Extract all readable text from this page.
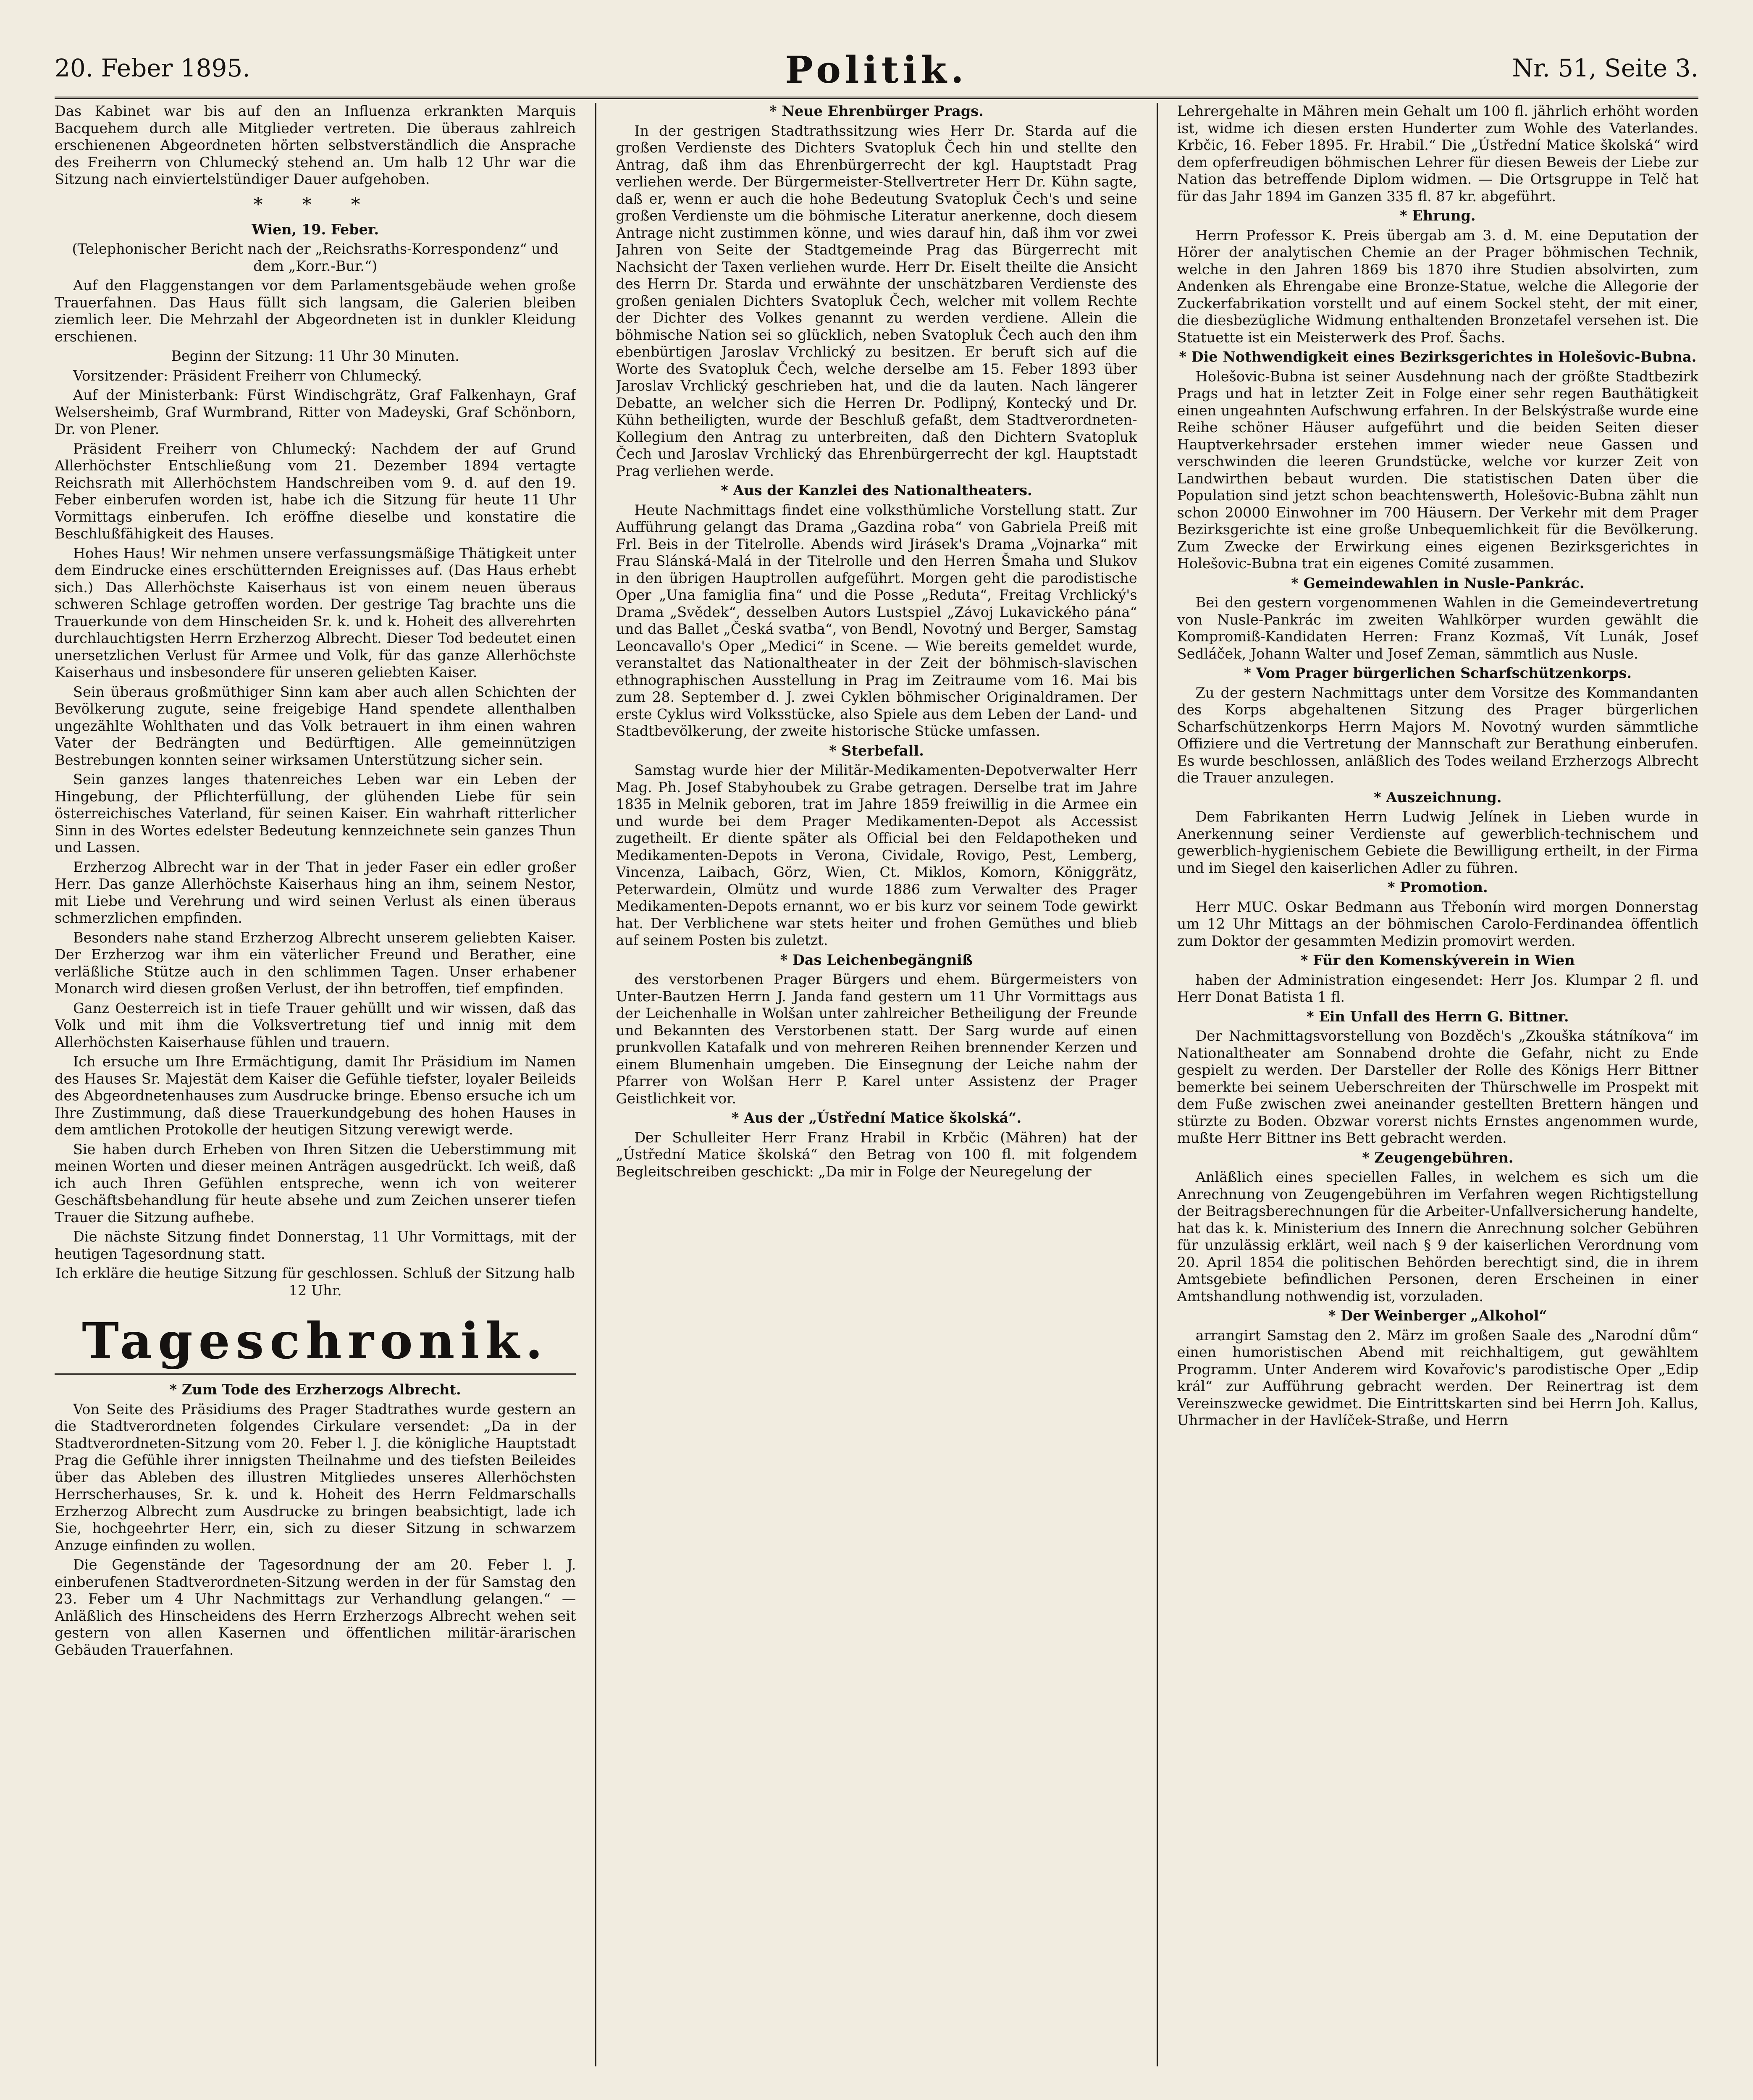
20. Feber 1895.	Politik.	Nr. 51, Seite 3.

Das Kabinet war bis auf den an Influenza erkrankten Marquis Bacquehem durch alle Mitglieder vertreten. Die überaus zahlreich erschienenen Abgeordneten hörten selbstverständlich die Ansprache des Freiherrn von Chlumecký stehend an. Um halb 12 Uhr war die Sitzung nach einviertelstündiger Dauer aufgehoben.

* * *

Wien, 19. Feber.

(Telephonischer Bericht nach der „Reichsraths-Korrespondenz“ und dem „Korr.-Bur.“)

Auf den Flaggenstangen vor dem Parlamentsgebäude wehen große Trauerfahnen. Das Haus füllt sich langsam, die Galerien bleiben ziemlich leer. Die Mehrzahl der Abgeordneten ist in dunkler Kleidung erschienen.

Beginn der Sitzung: 11 Uhr 30 Minuten.

Vorsitzender: Präsident Freiherr von Chlumecký.

Auf der Ministerbank: Fürst Windischgrätz, Graf Falkenhayn, Graf Welsersheimb, Graf Wurmbrand, Ritter von Madeyski, Graf Schönborn, Dr. von Plener.

Präsident Freiherr von Chlumecký: Nachdem der auf Grund Allerhöchster Entschließung vom 21. Dezember 1894 vertagte Reichsrath mit Allerhöchstem Handschreiben vom 9. d. auf den 19. Feber einberufen worden ist, habe ich die Sitzung für heute 11 Uhr Vormittags einberufen. Ich eröffne dieselbe und konstatire die Beschlußfähigkeit des Hauses.

Hohes Haus! Wir nehmen unsere verfassungsmäßige Thätigkeit unter dem Eindrucke eines erschütternden Ereignisses auf. (Das Haus erhebt sich.) Das Allerhöchste Kaiserhaus ist von einem neuen überaus schweren Schlage getroffen worden. Der gestrige Tag brachte uns die Trauerkunde von dem Hinscheiden Sr. k. und k. Hoheit des allverehrten durchlauchtigsten Herrn Erzherzog Albrecht. Dieser Tod bedeutet einen unersetzlichen Verlust für Armee und Volk, für das ganze Allerhöchste Kaiserhaus und insbesondere für unseren geliebten Kaiser.

Sein überaus großmüthiger Sinn kam aber auch allen Schichten der Bevölkerung zugute, seine freigebige Hand spendete allenthalben ungezählte Wohlthaten und das Volk betrauert in ihm einen wahren Vater der Bedrängten und Bedürftigen. Alle gemeinnützigen Bestrebungen konnten seiner wirksamen Unterstützung sicher sein.

Sein ganzes langes thatenreiches Leben war ein Leben der Hingebung, der Pflichterfüllung, der glühenden Liebe für sein österreichisches Vaterland, für seinen Kaiser. Ein wahrhaft ritterlicher Sinn in des Wortes edelster Bedeutung kennzeichnete sein ganzes Thun und Lassen.

Erzherzog Albrecht war in der That in jeder Faser ein edler großer Herr. Das ganze Allerhöchste Kaiserhaus hing an ihm, seinem Nestor, mit Liebe und Verehrung und wird seinen Verlust als einen überaus schmerzlichen empfinden.

Besonders nahe stand Erzherzog Albrecht unserem geliebten Kaiser. Der Erzherzog war ihm ein väterlicher Freund und Berather, eine verläßliche Stütze auch in den schlimmen Tagen. Unser erhabener Monarch wird diesen großen Verlust, der ihn betroffen, tief empfinden.

Ganz Oesterreich ist in tiefe Trauer gehüllt und wir wissen, daß das Volk und mit ihm die Volksvertretung tief und innig mit dem Allerhöchsten Kaiserhause fühlen und trauern.

Ich ersuche um Ihre Ermächtigung, damit Ihr Präsidium im Namen des Hauses Sr. Majestät dem Kaiser die Gefühle tiefster, loyaler Beileids des Abgeordnetenhauses zum Ausdrucke bringe. Ebenso ersuche ich um Ihre Zustimmung, daß diese Trauerkundgebung des hohen Hauses in dem amtlichen Protokolle der heutigen Sitzung verewigt werde.

Sie haben durch Erheben von Ihren Sitzen die Ueberstimmung mit meinen Worten und dieser meinen Anträgen ausgedrückt. Ich weiß, daß ich auch Ihren Gefühlen entspreche, wenn ich von weiterer Geschäftsbehandlung für heute absehe und zum Zeichen unserer tiefen Trauer die Sitzung aufhebe.

Die nächste Sitzung findet Donnerstag, 11 Uhr Vormittags, mit der heutigen Tagesordnung statt.

Ich erkläre die heutige Sitzung für geschlossen. Schluß der Sitzung halb 12 Uhr.

Tageschronik.

* Zum Tode des Erzherzogs Albrecht.

Von Seite des Präsidiums des Prager Stadtrathes wurde gestern an die Stadtverordneten folgendes Cirkulare versendet: „Da in der Stadtverordneten-Sitzung vom 20. Feber l. J. die königliche Hauptstadt Prag die Gefühle ihrer innigsten Theilnahme und des tiefsten Beileides über das Ableben des illustren Mitgliedes unseres Allerhöchsten Herrscherhauses, Sr. k. und k. Hoheit des Herrn Feldmarschalls Erzherzog Albrecht zum Ausdrucke zu bringen beabsichtigt, lade ich Sie, hochgeehrter Herr, ein, sich zu dieser Sitzung in schwarzem Anzuge einfinden zu wollen.

Die Gegenstände der Tagesordnung der am 20. Feber l. J. einberufenen Stadtverordneten-Sitzung werden in der für Samstag den 23. Feber um 4 Uhr Nachmittags zur Verhandlung gelangen.“ — Anläßlich des Hinscheidens des Herrn Erzherzogs Albrecht wehen seit gestern von allen Kasernen und öffentlichen militär-ärarischen Gebäuden Trauerfahnen.

* Neue Ehrenbürger Prags.

In der gestrigen Stadtrathssitzung wies Herr Dr. Starda auf die großen Verdienste des Dichters Svatopluk Čech hin und stellte den Antrag, daß ihm das Ehrenbürgerrecht der kgl. Hauptstadt Prag verliehen werde. Der Bürgermeister-Stellvertreter Herr Dr. Kühn sagte, daß er, wenn er auch die hohe Bedeutung Svatopluk Čech's und seine großen Verdienste um die böhmische Literatur anerkenne, doch diesem Antrage nicht zustimmen könne, und wies darauf hin, daß ihm vor zwei Jahren von Seite der Stadtgemeinde Prag das Bürgerrecht mit Nachsicht der Taxen verliehen wurde. Herr Dr. Eiselt theilte die Ansicht des Herrn Dr. Starda und erwähnte der unschätzbaren Verdienste des großen genialen Dichters Svatopluk Čech, welcher mit vollem Rechte der Dichter des Volkes genannt zu werden verdiene. Allein die böhmische Nation sei so glücklich, neben Svatopluk Čech auch den ihm ebenbürtigen Jaroslav Vrchlický zu besitzen. Er beruft sich auf die Worte des Svatopluk Čech, welche derselbe am 15. Feber 1893 über Jaroslav Vrchlický geschrieben hat, und die da lauten. Nach längerer Debatte, an welcher sich die Herren Dr. Podlipný, Kontecký und Dr. Kühn betheiligten, wurde der Beschluß gefaßt, dem Stadtverordneten-Kollegium den Antrag zu unterbreiten, daß den Dichtern Svatopluk Čech und Jaroslav Vrchlický das Ehrenbürgerrecht der kgl. Hauptstadt Prag verliehen werde.

* Aus der Kanzlei des Nationaltheaters.

Heute Nachmittags findet eine volksthümliche Vorstellung statt. Zur Aufführung gelangt das Drama „Gazdina roba“ von Gabriela Preiß mit Frl. Beis in der Titelrolle. Abends wird Jirásek's Drama „Vojnarka“ mit Frau Slánská-Malá in der Titelrolle und den Herren Šmaha und Slukov in den übrigen Hauptrollen aufgeführt. Morgen geht die parodistische Oper „Una famiglia fina“ und die Posse „Reduta“, Freitag Vrchlický's Drama „Svědek“, desselben Autors Lustspiel „Závoj Lukavického pána“ und das Ballet „Česká svatba“, von Bendl, Novotný und Berger, Samstag Leoncavallo's Oper „Medici“ in Scene. — Wie bereits gemeldet wurde, veranstaltet das Nationaltheater in der Zeit der böhmisch-slavischen ethnographischen Ausstellung in Prag im Zeitraume vom 16. Mai bis zum 28. September d. J. zwei Cyklen böhmischer Originaldramen. Der erste Cyklus wird Volksstücke, also Spiele aus dem Leben der Land- und Stadtbevölkerung, der zweite historische Stücke umfassen.

* Sterbefall.

Samstag wurde hier der Militär-Medikamenten-Depotverwalter Herr Mag. Ph. Josef Stabyhoubek zu Grabe getragen. Derselbe trat im Jahre 1835 in Melnik geboren, trat im Jahre 1859 freiwillig in die Armee ein und wurde bei dem Prager Medikamenten-Depot als Accessist zugetheilt. Er diente später als Official bei den Feldapotheken und Medikamenten-Depots in Verona, Cividale, Rovigo, Pest, Lemberg, Vincenza, Laibach, Görz, Wien, Ct. Miklos, Komorn, Königgrätz, Peterwardein, Olmütz und wurde 1886 zum Verwalter des Prager Medikamenten-Depots ernannt, wo er bis kurz vor seinem Tode gewirkt hat. Der Verblichene war stets heiter und frohen Gemüthes und blieb auf seinem Posten bis zuletzt.

* Das Leichenbegängniß

des verstorbenen Prager Bürgers und ehem. Bürgermeisters von Unter-Bautzen Herrn J. Janda fand gestern um 11 Uhr Vormittags aus der Leichenhalle in Wolšan unter zahlreicher Betheiligung der Freunde und Bekannten des Verstorbenen statt. Der Sarg wurde auf einen prunkvollen Katafalk und von mehreren Reihen brennender Kerzen und einem Blumenhain umgeben. Die Einsegnung der Leiche nahm der Pfarrer von Wolšan Herr P. Karel unter Assistenz der Prager Geistlichkeit vor.

* Aus der „Ústřední Matice školská“.

Der Schulleiter Herr Franz Hrabil in Krbčic (Mähren) hat der „Ústřední Matice školská“ den Betrag von 100 fl. mit folgendem Begleitschreiben geschickt: „Da mir in Folge der Neuregelung der

Lehrergehalte in Mähren mein Gehalt um 100 fl. jährlich erhöht worden ist, widme ich diesen ersten Hunderter zum Wohle des Vaterlandes. Krbčic, 16. Feber 1895. Fr. Hrabil.“ Die „Ústřední Matice školská“ wird dem opferfreudigen böhmischen Lehrer für diesen Beweis der Liebe zur Nation das betreffende Diplom widmen. — Die Ortsgruppe in Telč hat für das Jahr 1894 im Ganzen 335 fl. 87 kr. abgeführt.

* Ehrung.

Herrn Professor K. Preis übergab am 3. d. M. eine Deputation der Hörer der analytischen Chemie an der Prager böhmischen Technik, welche in den Jahren 1869 bis 1870 ihre Studien absolvirten, zum Andenken als Ehrengabe eine Bronze-Statue, welche die Allegorie der Zuckerfabrikation vorstellt und auf einem Sockel steht, der mit einer, die diesbezügliche Widmung enthaltenden Bronzetafel versehen ist. Die Statuette ist ein Meisterwerk des Prof. Šachs.

* Die Nothwendigkeit eines Bezirksgerichtes in Holešovic-Bubna.

Holešovic-Bubna ist seiner Ausdehnung nach der größte Stadtbezirk Prags und hat in letzter Zeit in Folge einer sehr regen Bauthätigkeit einen ungeahnten Aufschwung erfahren. In der Belskýstraße wurde eine Reihe schöner Häuser aufgeführt und die beiden Seiten dieser Hauptverkehrsader erstehen immer wieder neue Gassen und verschwinden die leeren Grundstücke, welche vor kurzer Zeit von Landwirthen bebaut wurden. Die statistischen Daten über die Population sind jetzt schon beachtenswerth, Holešovic-Bubna zählt nun schon 20000 Einwohner im 700 Häusern. Der Verkehr mit dem Prager Bezirksgerichte ist eine große Unbequemlichkeit für die Bevölkerung. Zum Zwecke der Erwirkung eines eigenen Bezirksgerichtes in Holešovic-Bubna trat ein eigenes Comité zusammen.

* Gemeindewahlen in Nusle-Pankrác.

Bei den gestern vorgenommenen Wahlen in die Gemeindevertretung von Nusle-Pankrác im zweiten Wahlkörper wurden gewählt die Kompromiß-Kandidaten Herren: Franz Kozmaš, Vít Lunák, Josef Sedláček, Johann Walter und Josef Zeman, sämmtlich aus Nusle.

* Vom Prager bürgerlichen Scharfschützenkorps.

Zu der gestern Nachmittags unter dem Vorsitze des Kommandanten des Korps abgehaltenen Sitzung des Prager bürgerlichen Scharfschützenkorps Herrn Majors M. Novotný wurden sämmtliche Offiziere und die Vertretung der Mannschaft zur Berathung einberufen. Es wurde beschlossen, anläßlich des Todes weiland Erzherzogs Albrecht die Trauer anzulegen.

* Auszeichnung.

Dem Fabrikanten Herrn Ludwig Jelínek in Lieben wurde in Anerkennung seiner Verdienste auf gewerblich-technischem und gewerblich-hygienischem Gebiete die Bewilligung ertheilt, in der Firma und im Siegel den kaiserlichen Adler zu führen.

* Promotion.

Herr MUC. Oskar Bedmann aus Třebonín wird morgen Donnerstag um 12 Uhr Mittags an der böhmischen Carolo-Ferdinandea öffentlich zum Doktor der gesammten Medizin promovirt werden.

* Für den Komenskýverein in Wien

haben der Administration eingesendet: Herr Jos. Klumpar 2 fl. und Herr Donat Batista 1 fl.

* Ein Unfall des Herrn G. Bittner.

Der Nachmittagsvorstellung von Bozděch's „Zkouška státníkova“ im Nationaltheater am Sonnabend drohte die Gefahr, nicht zu Ende gespielt zu werden. Der Darsteller der Rolle des Königs Herr Bittner bemerkte bei seinem Ueberschreiten der Thürschwelle im Prospekt mit dem Fuße zwischen zwei aneinander gestellten Brettern hängen und stürzte zu Boden. Obzwar vorerst nichts Ernstes angenommen wurde, mußte Herr Bittner ins Bett gebracht werden.

* Zeugengebühren.

Anläßlich eines speciellen Falles, in welchem es sich um die Anrechnung von Zeugengebühren im Verfahren wegen Richtigstellung der Beitragsberechnungen für die Arbeiter-Unfallversicherung handelte, hat das k. k. Ministerium des Innern die Anrechnung solcher Gebühren für unzulässig erklärt, weil nach § 9 der kaiserlichen Verordnung vom 20. April 1854 die politischen Behörden berechtigt sind, die in ihrem Amtsgebiete befindlichen Personen, deren Erscheinen in einer Amtshandlung nothwendig ist, vorzuladen.

* Der Weinberger „Alkohol“

arrangirt Samstag den 2. März im großen Saale des „Narodní dům“ einen humoristischen Abend mit reichhaltigem, gut gewähltem Programm. Unter Anderem wird Kovařovic's parodistische Oper „Edip král“ zur Aufführung gebracht werden. Der Reinertrag ist dem Vereinszwecke gewidmet. Die Eintrittskarten sind bei Herrn Joh. Kallus, Uhrmacher in der Havlíček-Straße, und Herrn
